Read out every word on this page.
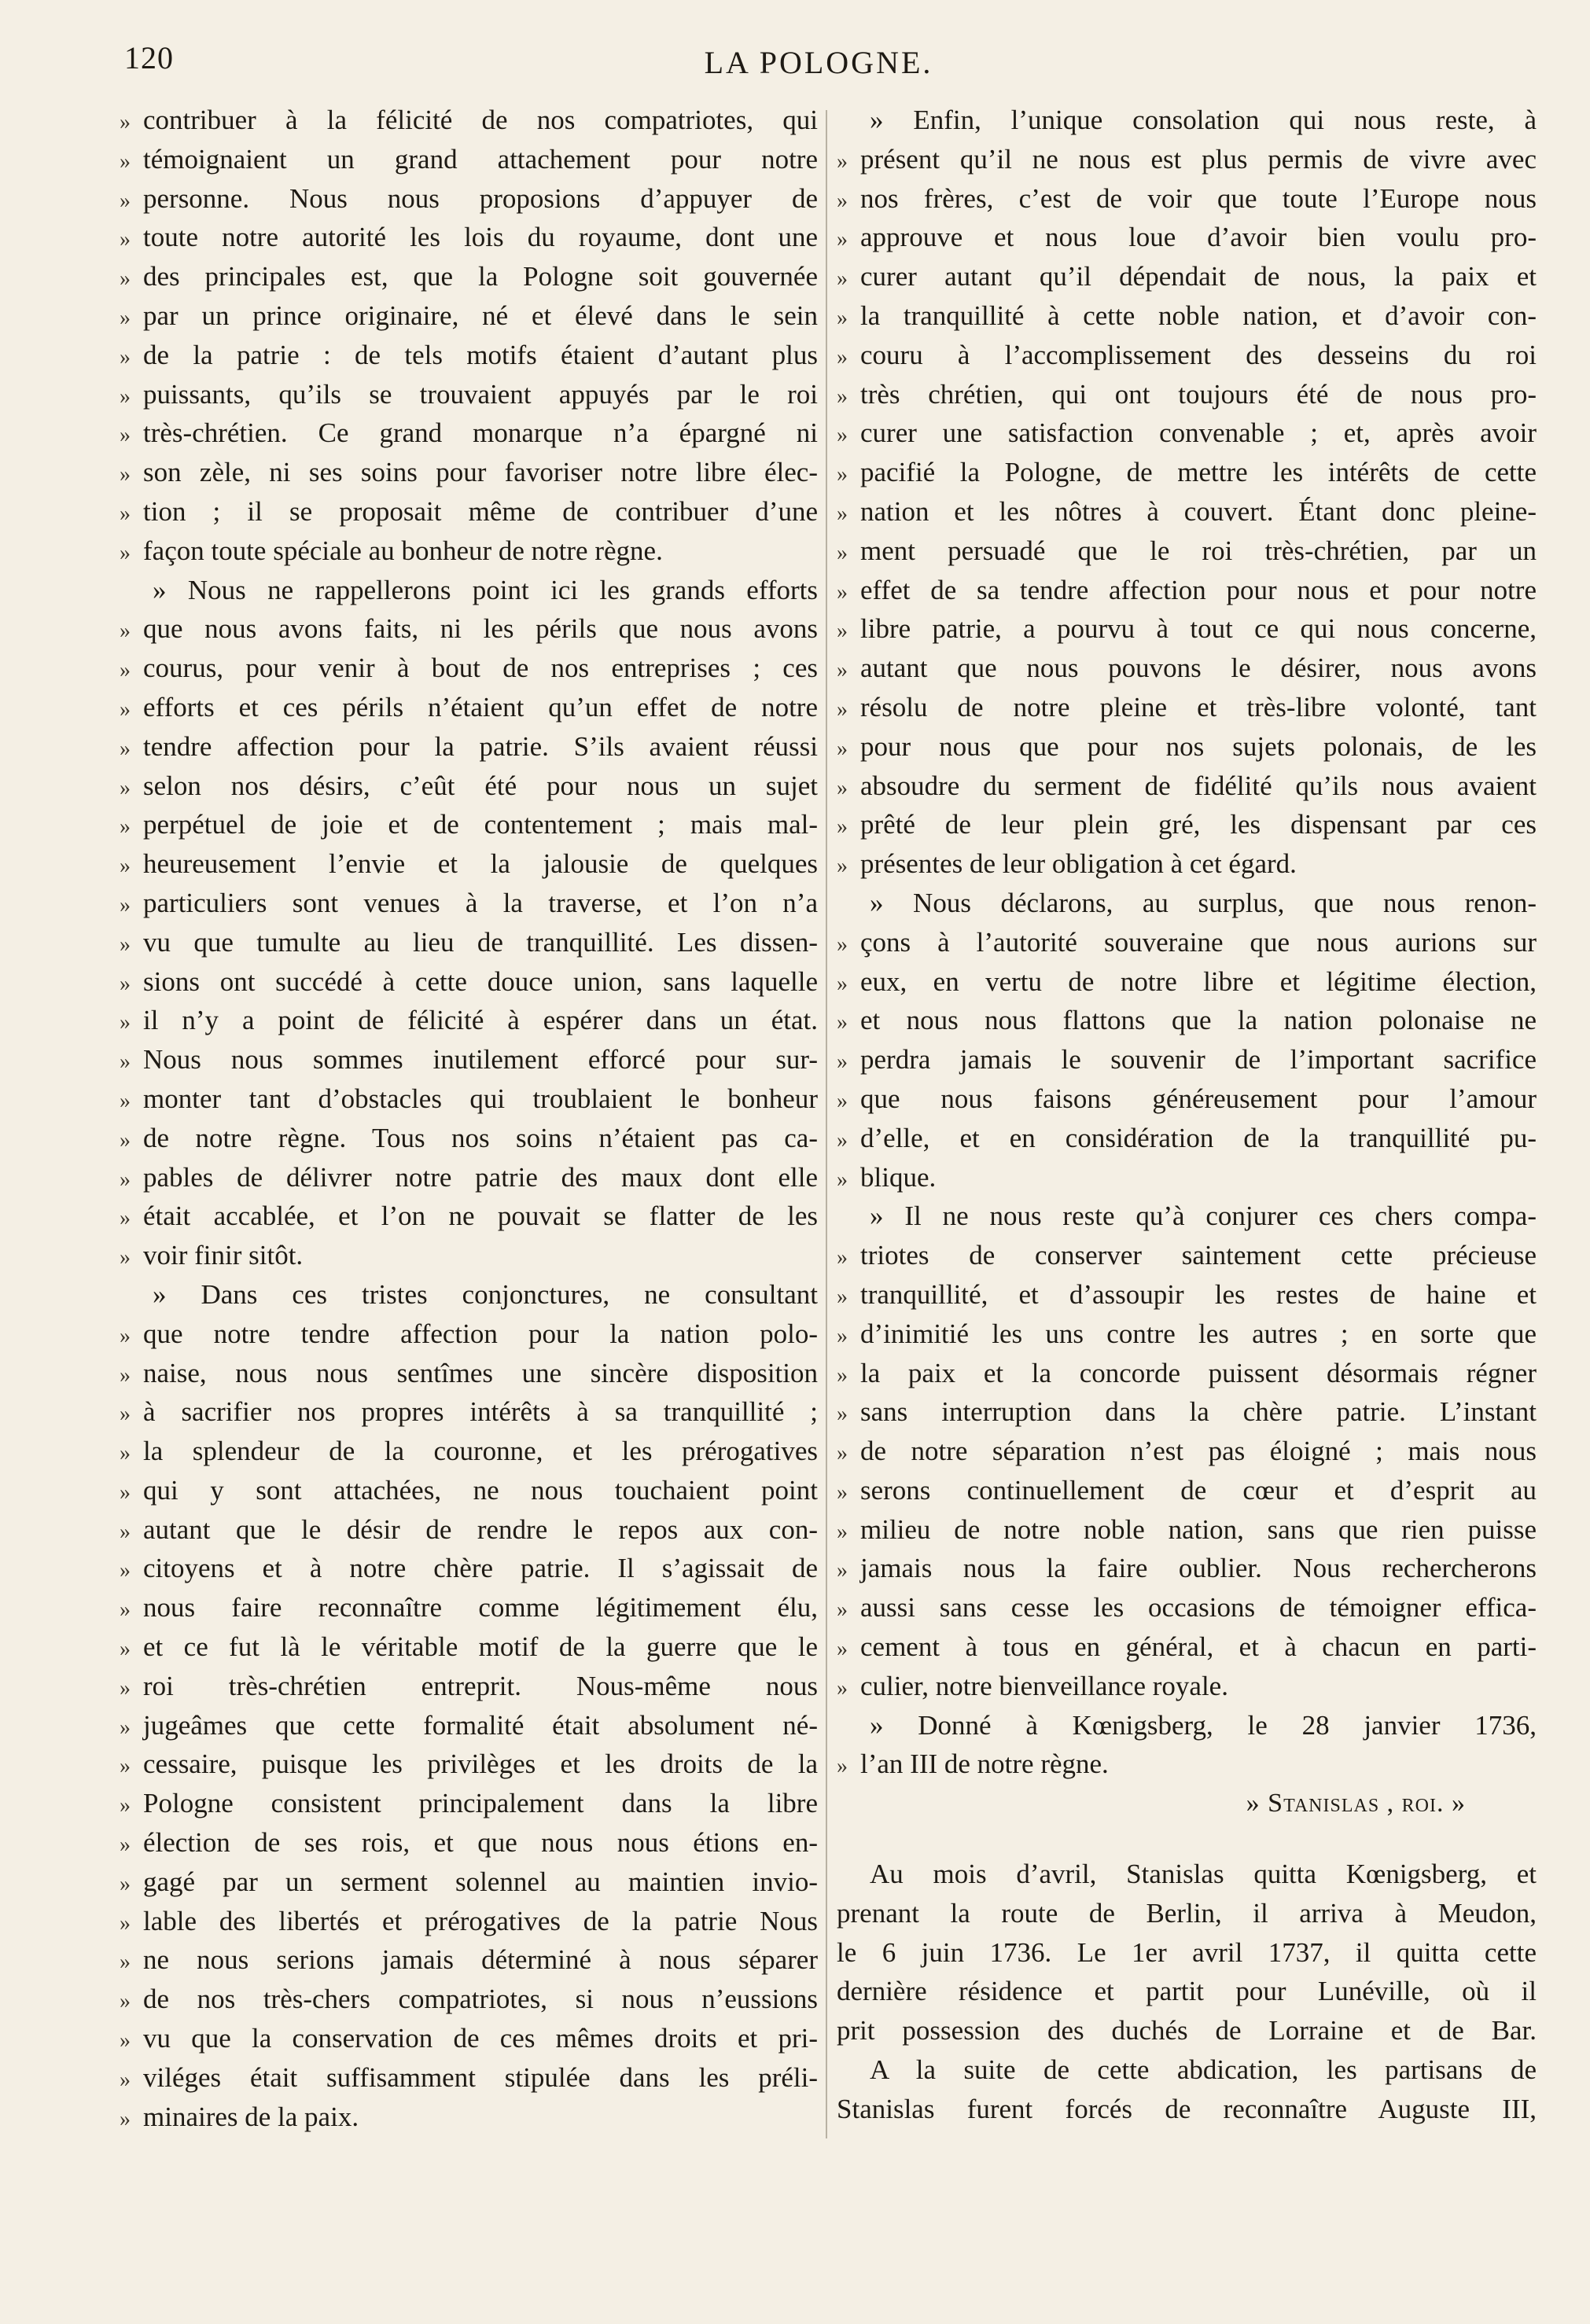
120	LA POLOGNE.
» contribuer à la félicité de nos compatriotes, qui
» témoignaient un grand attachement pour notre
» personne. Nous nous proposions d’appuyer de
» toute notre autorité les lois du royaume, dont une
» des principales est, que la Pologne soit gouvernée
» par un prince originaire, né et élevé dans le sein
» de la patrie : de tels motifs étaient d’autant plus
» puissants, qu’ils se trouvaient appuyés par le roi
» très-chrétien. Ce grand monarque n’a épargné ni
» son zèle, ni ses soins pour favoriser notre libre élec-
» tion ; il se proposait même de contribuer d’une
» façon toute spéciale au bonheur de notre règne.
» Nous ne rappellerons point ici les grands efforts
» que nous avons faits, ni les périls que nous avons
» courus, pour venir à bout de nos entreprises ; ces
» efforts et ces périls n’étaient qu’un effet de notre
» tendre affection pour la patrie. S’ils avaient réussi
» selon nos désirs, c’eût été pour nous un sujet
» perpétuel de joie et de contentement ; mais mal-
» heureusement l’envie et la jalousie de quelques
» particuliers sont venues à la traverse, et l’on n’a
» vu que tumulte au lieu de tranquillité. Les dissen-
» sions ont succédé à cette douce union, sans laquelle
» il n’y a point de félicité à espérer dans un état.
» Nous nous sommes inutilement efforcé pour sur-
» monter tant d’obstacles qui troublaient le bonheur
» de notre règne. Tous nos soins n’étaient pas ca-
» pables de délivrer notre patrie des maux dont elle
» était accablée, et l’on ne pouvait se flatter de les
» voir finir sitôt.
» Dans ces tristes conjonctures, ne consultant
» que notre tendre affection pour la nation polo-
» naise, nous nous sentîmes une sincère disposition
» à sacrifier nos propres intérêts à sa tranquillité ;
» la splendeur de la couronne, et les prérogatives
» qui y sont attachées, ne nous touchaient point
» autant que le désir de rendre le repos aux con-
» citoyens et à notre chère patrie. Il s’agissait de
» nous faire reconnaître comme légitimement élu,
» et ce fut là le véritable motif de la guerre que le
» roi très-chrétien entreprit. Nous-même nous
» jugeâmes que cette formalité était absolument né-
» cessaire, puisque les privilèges et les droits de la
» Pologne consistent principalement dans la libre
» élection de ses rois, et que nous nous étions en-
» gagé par un serment solennel au maintien invio-
» lable des libertés et prérogatives de la patrie Nous
» ne nous serions jamais déterminé à nous séparer
» de nos très-chers compatriotes, si nous n’eussions
» vu que la conservation de ces mêmes droits et pri-
» viléges était suffisamment stipulée dans les préli-
» minaires de la paix.
» Enfin, l’unique consolation qui nous reste, à
» présent qu’il ne nous est plus permis de vivre avec
» nos frères, c’est de voir que toute l’Europe nous
» approuve et nous loue d’avoir bien voulu pro-
» curer autant qu’il dépendait de nous, la paix et
» la tranquillité à cette noble nation, et d’avoir con-
» couru à l’accomplissement des desseins du roi
» très chrétien, qui ont toujours été de nous pro-
» curer une satisfaction convenable ; et, après avoir
» pacifié la Pologne, de mettre les intérêts de cette
» nation et les nôtres à couvert. Étant donc pleine-
» ment persuadé que le roi très-chrétien, par un
» effet de sa tendre affection pour nous et pour notre
» libre patrie, a pourvu à tout ce qui nous concerne,
» autant que nous pouvons le désirer, nous avons
» résolu de notre pleine et très-libre volonté, tant
» pour nous que pour nos sujets polonais, de les
» absoudre du serment de fidélité qu’ils nous avaient
» prêté de leur plein gré, les dispensant par ces
» présentes de leur obligation à cet égard.
» Nous déclarons, au surplus, que nous renon-
» çons à l’autorité souveraine que nous aurions sur
» eux, en vertu de notre libre et légitime élection,
» et nous nous flattons que la nation polonaise ne
» perdra jamais le souvenir de l’important sacrifice
» que nous faisons généreusement pour l’amour
» d’elle, et en considération de la tranquillité pu-
» blique.
» Il ne nous reste qu’à conjurer ces chers compa-
» triotes de conserver saintement cette précieuse
» tranquillité, et d’assoupir les restes de haine et
» d’inimitié les uns contre les autres ; en sorte que
» la paix et la concorde puissent désormais régner
» sans interruption dans la chère patrie. L’instant
» de notre séparation n’est pas éloigné ; mais nous
» serons continuellement de cœur et d’esprit au
» milieu de notre noble nation, sans que rien puisse
» jamais nous la faire oublier. Nous rechercherons
» aussi sans cesse les occasions de témoigner effica-
» cement à tous en général, et à chacun en parti-
» culier, notre bienveillance royale.
» Donné à Kœnigsberg, le 28 janvier 1736,
» l’an III de notre règne.
» Stanislas , roi. »
Au mois d’avril, Stanislas quitta Kœnigsberg, et
prenant la route de Berlin, il arriva à Meudon,
le 6 juin 1736. Le 1er avril 1737, il quitta cette
dernière résidence et partit pour Lunéville, où il
prit possession des duchés de Lorraine et de Bar.
A la suite de cette abdication, les partisans de
Stanislas furent forcés de reconnaître Auguste III,
